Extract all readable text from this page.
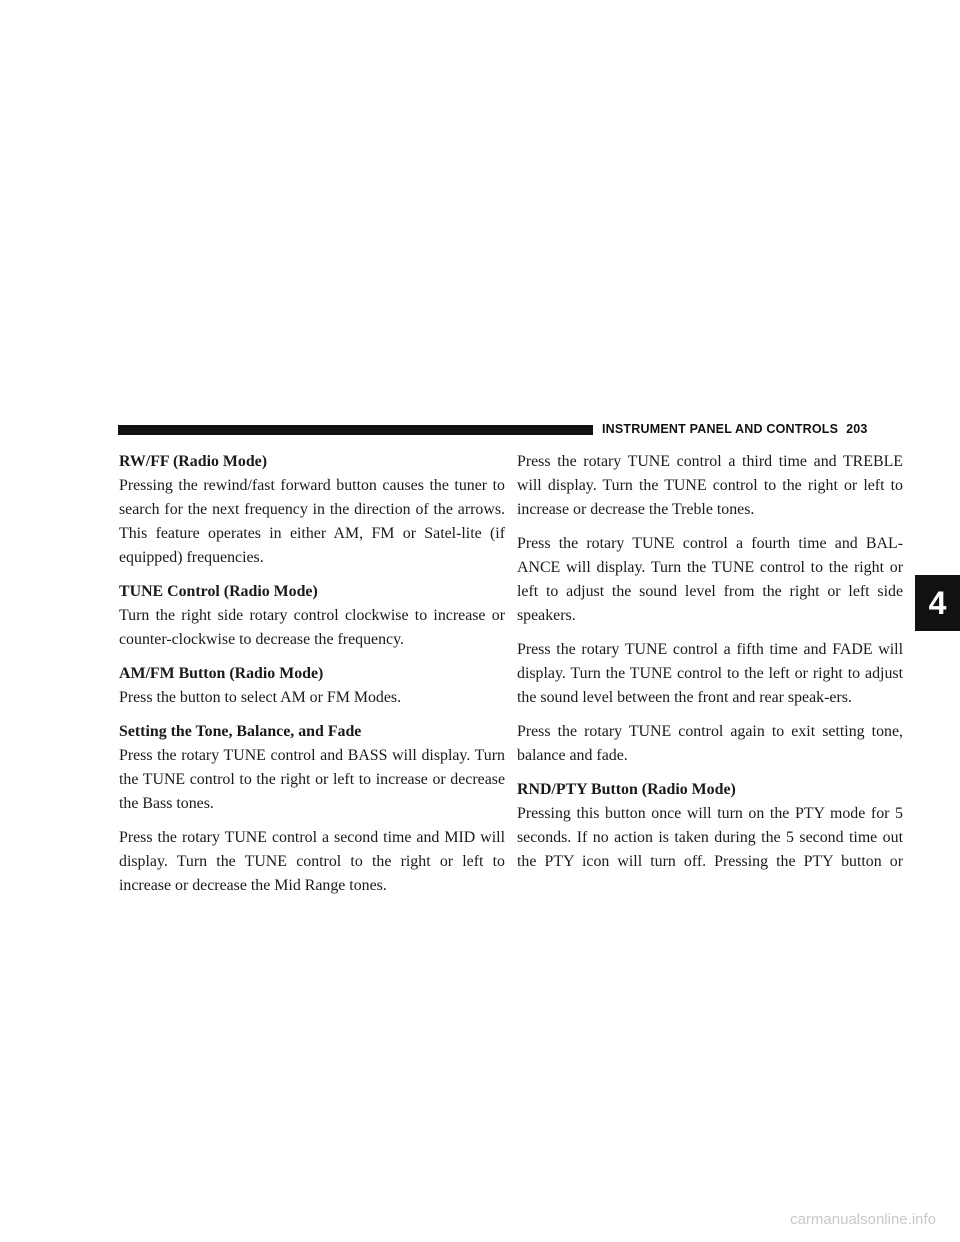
INSTRUMENT PANEL AND CONTROLS 203
4
RW/FF (Radio Mode)

Pressing the rewind/fast forward button causes the tuner to search for the next frequency in the direction of the arrows. This feature operates in either AM, FM or Satel-lite (if equipped) frequencies.

TUNE Control (Radio Mode)

Turn the right side rotary control clockwise to increase or counter-clockwise to decrease the frequency.

AM/FM Button (Radio Mode)

Press the button to select AM or FM Modes.

Setting the Tone, Balance, and Fade

Press the rotary TUNE control and BASS will display. Turn the TUNE control to the right or left to increase or decrease the Bass tones.

Press the rotary TUNE control a second time and MID will display. Turn the TUNE control to the right or left to increase or decrease the Mid Range tones.

Press the rotary TUNE control a third time and TREBLE will display. Turn the TUNE control to the right or left to increase or decrease the Treble tones.

Press the rotary TUNE control a fourth time and BAL-ANCE will display. Turn the TUNE control to the right or left to adjust the sound level from the right or left side speakers.

Press the rotary TUNE control a fifth time and FADE will display. Turn the TUNE control to the left or right to adjust the sound level between the front and rear speak-ers.

Press the rotary TUNE control again to exit setting tone, balance and fade.

RND/PTY Button (Radio Mode)

Pressing this button once will turn on the PTY mode for 5 seconds. If no action is taken during the 5 second time out the PTY icon will turn off. Pressing the PTY button or

carmanualsonline.info
